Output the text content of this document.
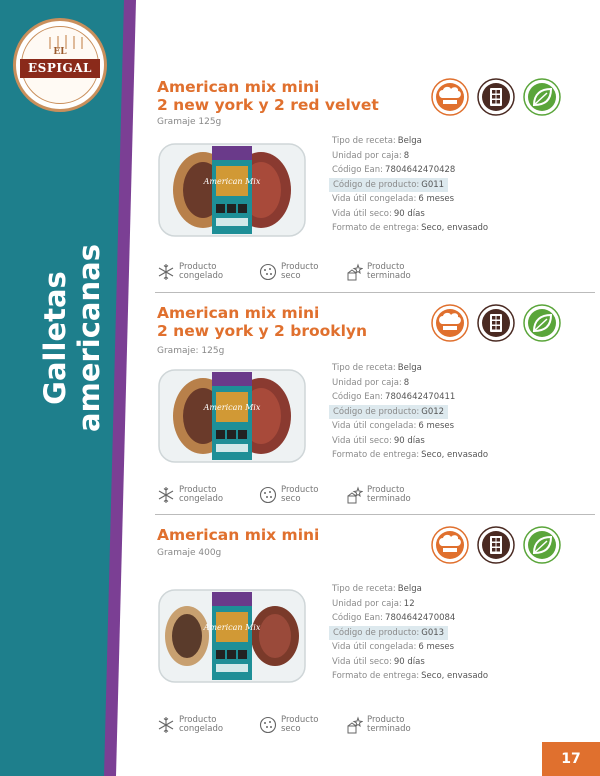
EL
ESPIGAL
Galletas americanas
American mix mini
2 new york y 2 red velvet
Gramaje 125g
American Mix
Tipo de receta: Belga
Unidad por caja: 8
Código Ean: 7804642470428
Código de producto: G011
Vida útil congelada: 6 meses
Vida útil seco: 90 días
Formato de entrega: Seco, envasado
Producto
congelado
Producto
seco
Producto
terminado
American mix mini
2 new york y 2 brooklyn
Gramaje: 125g
American Mix
Tipo de receta: Belga
Unidad por caja: 8
Código Ean: 7804642470411
Código de producto: G012
Vida útil congelada: 6 meses
Vida útil seco: 90 días
Formato de entrega: Seco, envasado
Producto
congelado
Producto
seco
Producto
terminado
American mix mini
Gramaje 400g
American Mix
Tipo de receta: Belga
Unidad por caja: 12
Código Ean: 7804642470084
Código de producto: G013
Vida útil congelada: 6 meses
Vida útil seco: 90 días
Formato de entrega: Seco, envasado
Producto
congelado
Producto
seco
Producto
terminado
17
